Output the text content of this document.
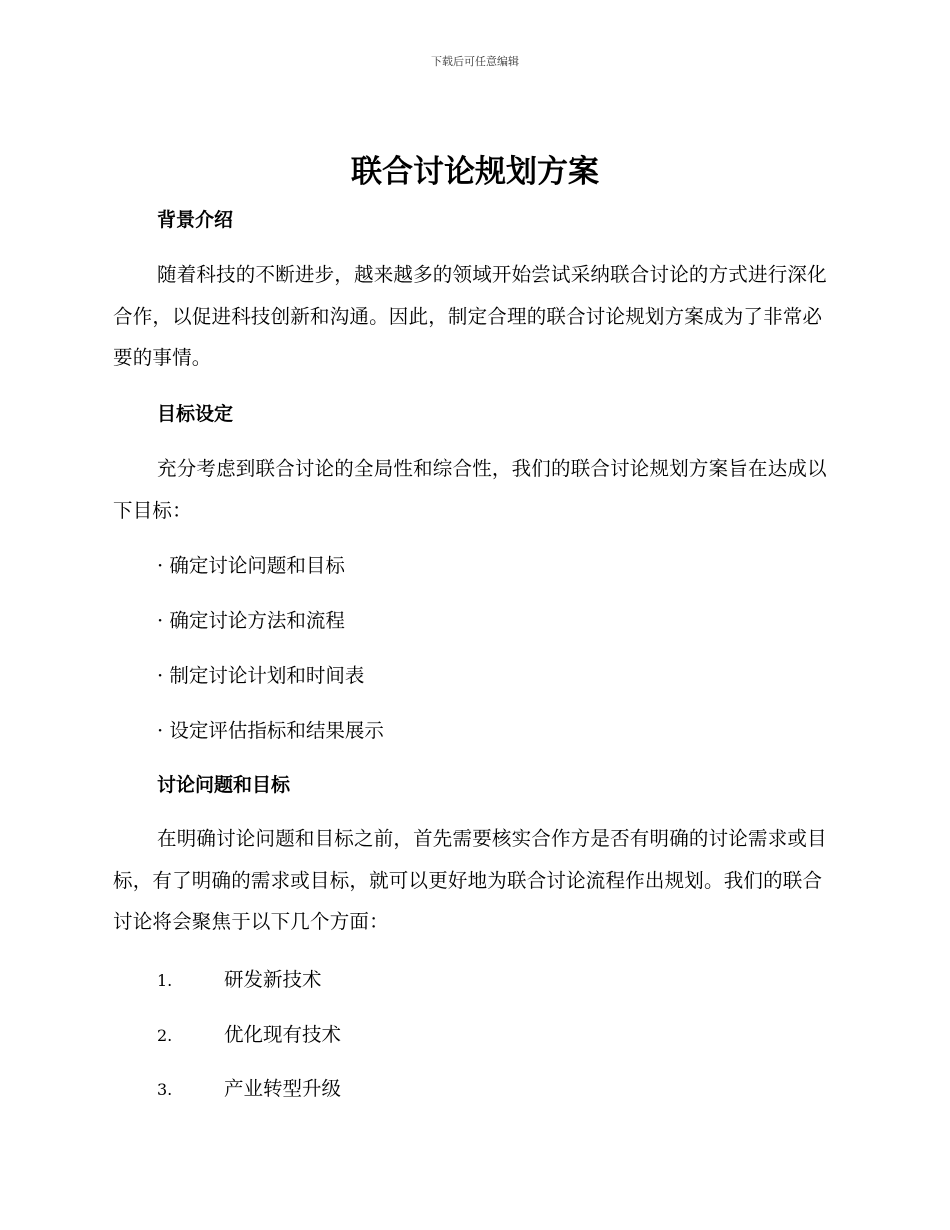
下载后可任意编辑
联合讨论规划方案
背景介绍

随着科技的不断进步，越来越多的领域开始尝试采纳联合讨论的方式进行深化合作，以促进科技创新和沟通。因此，制定合理的联合讨论规划方案成为了非常必要的事情。

目标设定

充分考虑到联合讨论的全局性和综合性，我们的联合讨论规划方案旨在达成以下目标：

· 确定讨论问题和目标

· 确定讨论方法和流程

· 制定讨论计划和时间表

· 设定评估指标和结果展示

讨论问题和目标

在明确讨论问题和目标之前，首先需要核实合作方是否有明确的讨论需求或目标，有了明确的需求或目标，就可以更好地为联合讨论流程作出规划。我们的联合讨论将会聚焦于以下几个方面：

1.	研发新技术

2.	优化现有技术

3.	产业转型升级
